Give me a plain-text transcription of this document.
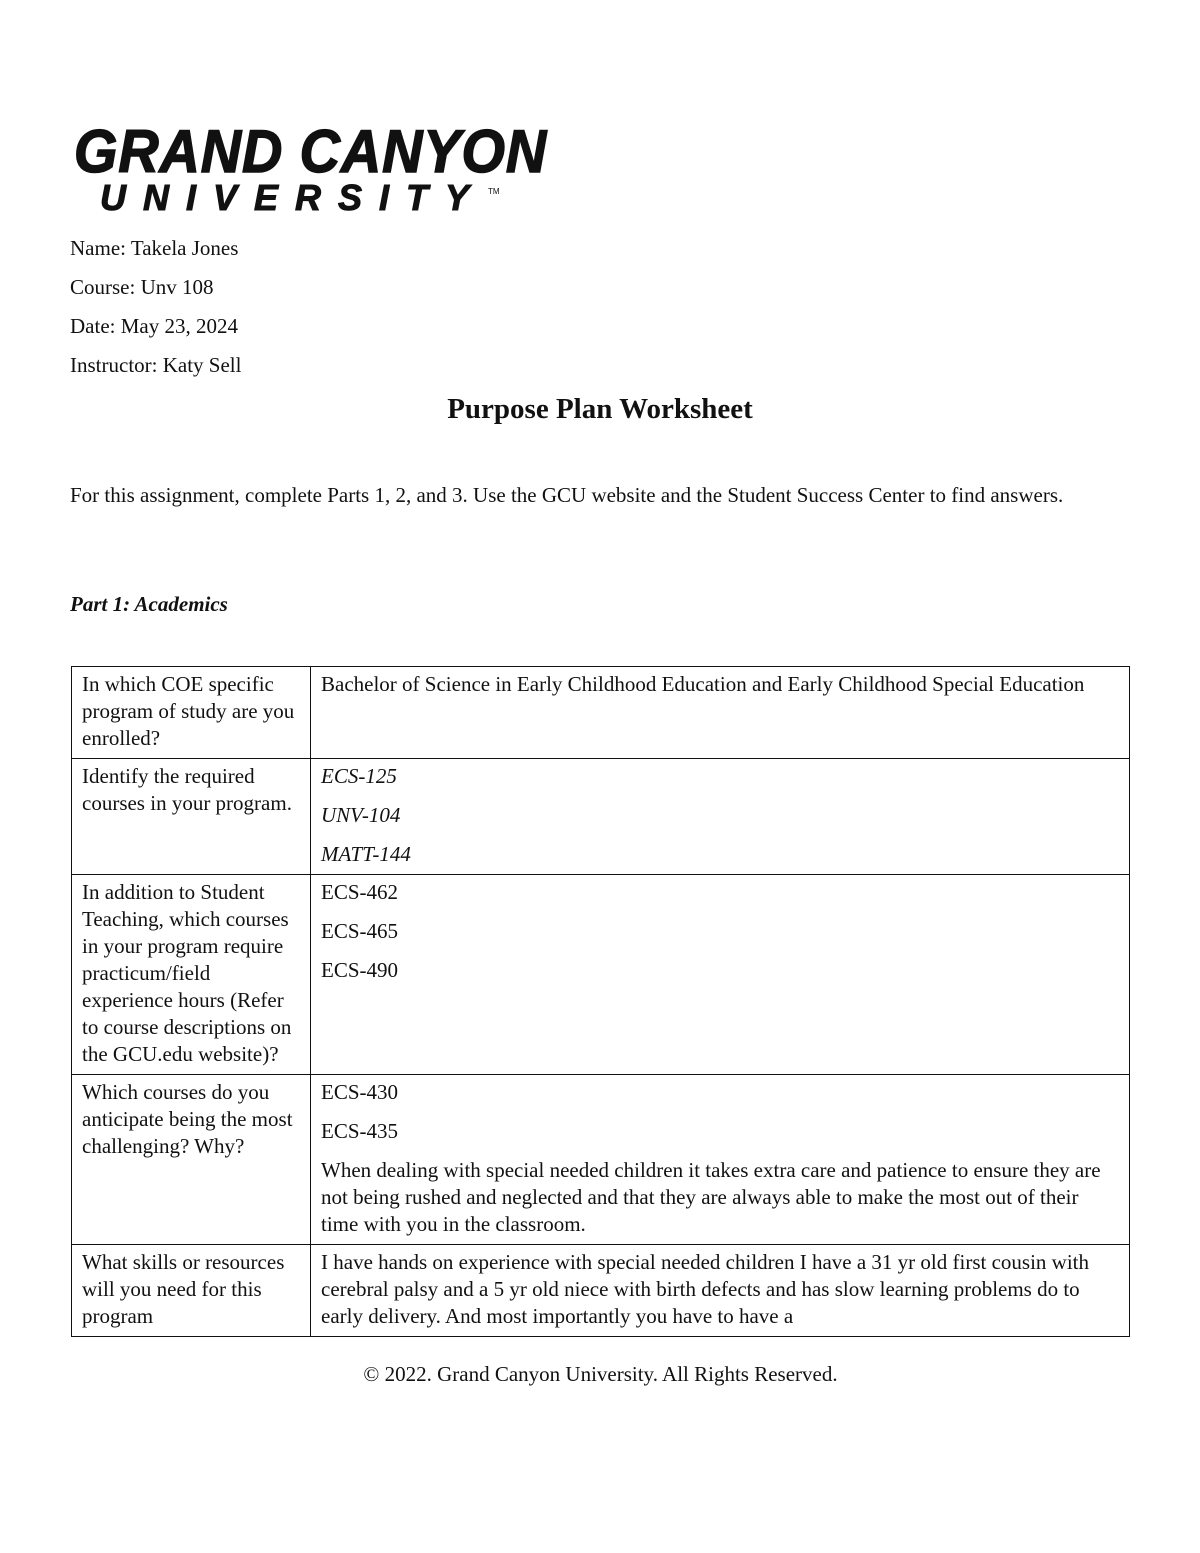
GRAND CANYON
UNIVERSITY TM
Name: Takela Jones
Course: Unv 108
Date: May 23, 2024
Instructor: Katy Sell
Purpose Plan Worksheet
For this assignment, complete Parts 1, 2, and 3. Use the GCU website and the Student Success Center to find answers.
Part 1: Academics
In which COE specific program of study are you enrolled?	Bachelor of Science in Early Childhood Education and Early Childhood Special Education

Identify the required courses in your program.	ECS-125

UNV-104

MATT-144

In addition to Student Teaching, which courses in your program require practicum/field experience hours (Refer to course descriptions on the GCU.edu website)?	ECS-462

ECS-465

ECS-490

Which courses do you anticipate being the most challenging? Why?	ECS-430

ECS-435

When dealing with special needed children it takes extra care and patience to ensure they are not being rushed and neglected and that they are always able to make the most out of their time with you in the classroom.

What skills or resources will you need for this program	I have hands on experience with special needed children I have a 31 yr old first cousin with cerebral palsy and a 5 yr old niece with birth defects and has slow learning problems do to early delivery. And most importantly you have to have a

© 2022. Grand Canyon University. All Rights Reserved.
